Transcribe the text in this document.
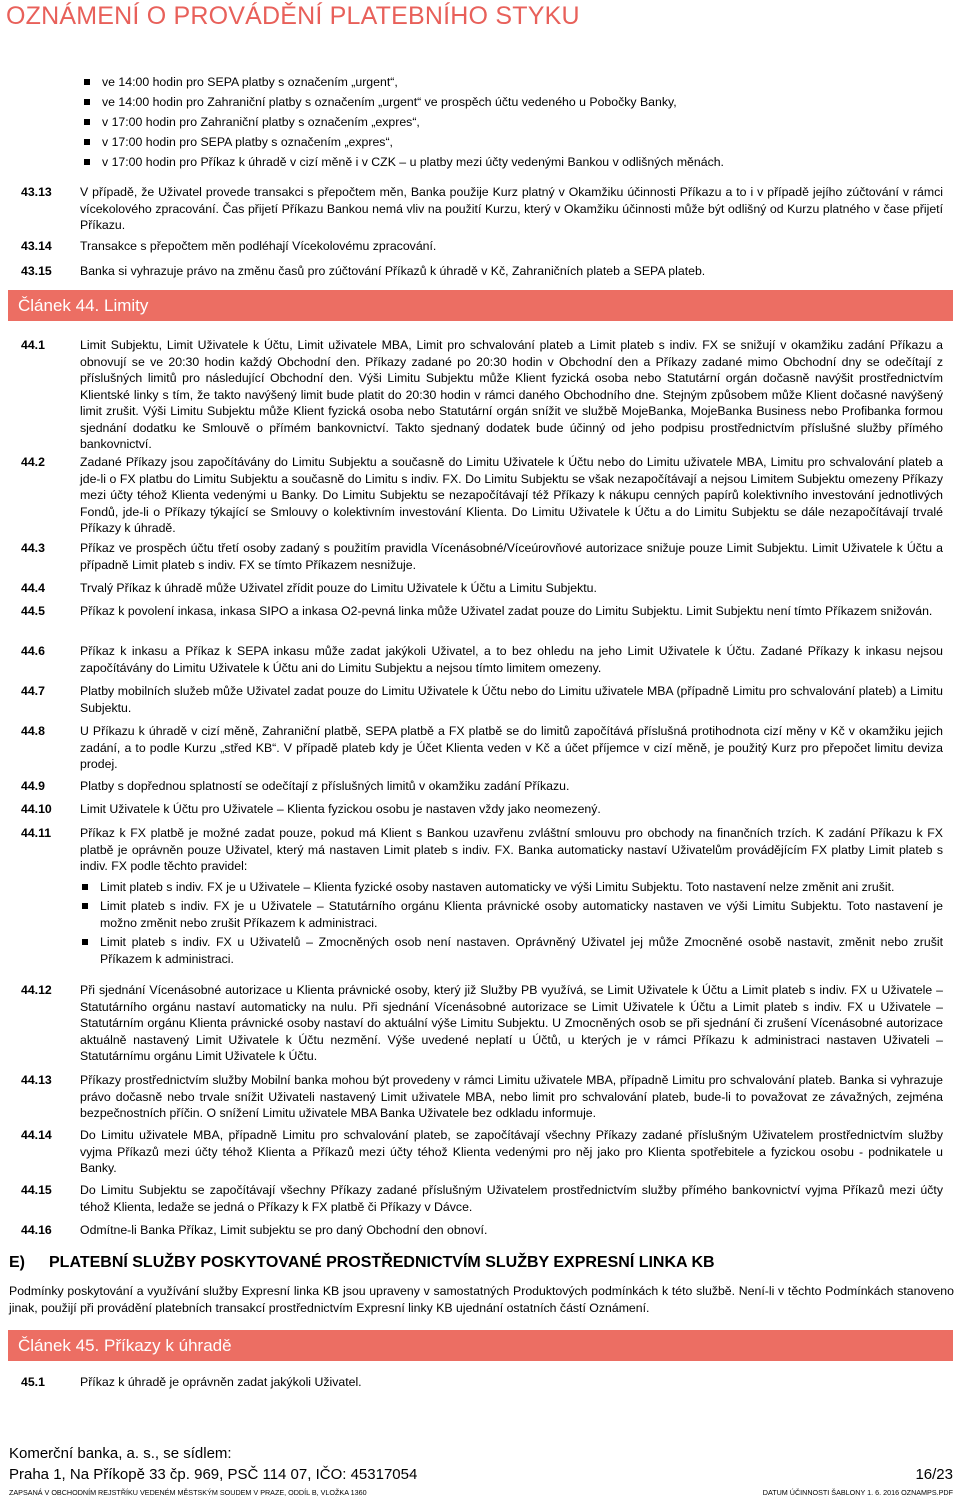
OZNÁMENÍ O PROVÁDĚNÍ PLATEBNÍHO STYKU
ve 14:00 hodin pro SEPA platby s označením „urgent“,
ve 14:00 hodin pro Zahraniční platby s označením „urgent“ ve prospěch účtu vedeného u Pobočky Banky,
v 17:00 hodin pro Zahraniční platby s označením „expres“,
v 17:00 hodin pro SEPA platby s označením „expres“,
v 17:00 hodin pro Příkaz k úhradě v cizí měně i v CZK – u platby mezi účty vedenými Bankou v odlišných měnách.
43.13 V případě, že Uživatel provede transakci s přepočtem měn, Banka použije Kurz platný v Okamžiku účinnosti Příkazu a to i v případě jejího zúčtování v rámci vícekolového zpracování. Čas přijetí Příkazu Bankou nemá vliv na použití Kurzu, který v Okamžiku účinnosti může být odlišný od Kurzu platného v čase přijetí Příkazu.
43.14 Transakce s přepočtem měn podléhají Vícekolovému zpracování.
43.15 Banka si vyhrazuje právo na změnu časů pro zúčtování Příkazů k úhradě v Kč, Zahraničních plateb a SEPA plateb.
Článek 44. Limity
44.1	Limit Subjektu, Limit Uživatele k Účtu, Limit uživatele MBA, Limit pro schvalování plateb a Limit plateb s indiv. FX se snižují v okamžiku zadání Příkazu a obnovují se ve 20:30 hodin každý Obchodní den. Příkazy zadané po 20:30 hodin v Obchodní den a Příkazy zadané mimo Obchodní dny se odečítají z příslušných limitů pro následující Obchodní den. Výši Limitu Subjektu může Klient fyzická osoba nebo Statutární orgán dočasně navýšit prostřednictvím Klientské linky s tím, že takto navýšený limit bude platit do 20:30 hodin v rámci daného Obchodního dne. Stejným způsobem může Klient dočasné navýšený limit zrušit. Výši Limitu Subjektu může Klient fyzická osoba nebo Statutární orgán snížit ve službě MojeBanka, MojeBanka Business nebo Profibanka formou sjednání dodatku ke Smlouvě o přímém bankovnictví. Takto sjednaný dodatek bude účinný od jeho podpisu prostřednictvím příslušné služby přímého bankovnictví.
44.2	Zadané Příkazy jsou započítávány do Limitu Subjektu a současně do Limitu Uživatele k Účtu nebo do Limitu uživatele MBA, Limitu pro schvalování plateb a jde-li o FX platbu do Limitu Subjektu a současně do Limitu s indiv. FX. Do Limitu Subjektu se však nezapočítávají a nejsou Limitem Subjektu omezeny Příkazy mezi účty téhož Klienta vedenými u Banky. Do Limitu Subjektu se nezapočítávají též Příkazy k nákupu cenných papírů kolektivního investování jednotlivých Fondů, jde-li o Příkazy týkající se Smlouvy o kolektivním investování Klienta. Do Limitu Uživatele k Účtu a do Limitu Subjektu se dále nezapočítávají trvalé Příkazy k úhradě.
44.3	Příkaz ve prospěch účtu třetí osoby zadaný s použitím pravidla Vícenásobné/Víceúrovňové autorizace snižuje pouze Limit Subjektu. Limit Uživatele k Účtu a případně Limit plateb s indiv. FX se tímto Příkazem nesnižuje.
44.4	Trvalý Příkaz k úhradě může Uživatel zřídit pouze do Limitu Uživatele k Účtu a Limitu Subjektu.
44.5	Příkaz k povolení inkasa, inkasa SIPO a inkasa O2-pevná linka může Uživatel zadat pouze do Limitu Subjektu. Limit Subjektu není tímto Příkazem snižován.
44.6	Příkaz k inkasu a Příkaz k SEPA inkasu může zadat jakýkoli Uživatel, a to bez ohledu na jeho Limit Uživatele k Účtu. Zadané Příkazy k inkasu nejsou započítávány do Limitu Uživatele k Účtu ani do Limitu Subjektu a nejsou tímto limitem omezeny.
44.7	Platby mobilních služeb může Uživatel zadat pouze do Limitu Uživatele k Účtu nebo do Limitu uživatele MBA (případně Limitu pro schvalování plateb) a Limitu Subjektu.
44.8	U Příkazu k úhradě v cizí měně, Zahraniční platbě, SEPA platbě a FX platbě se do limitů započítává příslušná protihodnota cizí měny v Kč v okamžiku jejich zadání, a to podle Kurzu „střed KB“. V případě plateb kdy je Účet Klienta veden v Kč a účet příjemce v cizí měně, je použitý Kurz pro přepočet limitu deviza prodej.
44.9	Platby s dopřednou splatností se odečítají z příslušných limitů v okamžiku zadání Příkazu.
44.10 Limit Uživatele k Účtu pro Uživatele – Klienta fyzickou osobu je nastaven vždy jako neomezený.
44.11 Příkaz k FX platbě je možné zadat pouze, pokud má Klient s Bankou uzavřenu zvláštní smlouvu pro obchody na finančních trzích. K zadání Příkazu k FX platbě je oprávněn pouze Uživatel, který má nastaven Limit plateb s indiv. FX. Banka automaticky nastaví Uživatelům provádějícím FX platby Limit plateb s indiv. FX podle těchto pravidel:
Limit plateb s indiv. FX je u Uživatele – Klienta fyzické osoby nastaven automaticky ve výši Limitu Subjektu. Toto nastavení nelze změnit ani zrušit.
Limit plateb s indiv. FX je u Uživatele – Statutárního orgánu Klienta právnické osoby automaticky nastaven ve výši Limitu Subjektu. Toto nastavení je možno změnit nebo zrušit Příkazem k administraci.
Limit plateb s indiv. FX u Uživatelů – Zmocněných osob není nastaven. Oprávněný Uživatel jej může Zmocněné osobě nastavit, změnit nebo zrušit Příkazem k administraci.
44.12 Při sjednání Vícenásobné autorizace u Klienta právnické osoby, který již Služby PB využívá, se Limit Uživatele k Účtu a Limit plateb s indiv. FX u Uživatele – Statutárního orgánu nastaví automaticky na nulu. Při sjednání Vícenásobné autorizace se Limit Uživatele k Účtu a Limit plateb s indiv. FX u Uživatele – Statutárním orgánu Klienta právnické osoby nastaví do aktuální výše Limitu Subjektu. U Zmocněných osob se při sjednání či zrušení Vícenásobné autorizace aktuálně nastavený Limit Uživatele k Účtu nezmění. Výše uvedené neplatí u Účtů, u kterých je v rámci Příkazu k administraci nastaven Uživateli – Statutárnímu orgánu Limit Uživatele k Účtu.
44.13 Příkazy prostřednictvím služby Mobilní banka mohou být provedeny v rámci Limitu uživatele MBA, případně Limitu pro schvalování plateb. Banka si vyhrazuje právo dočasně nebo trvale snížit Uživateli nastavený Limit uživatele MBA, nebo limit pro schvalování plateb, bude-li to považovat ze závažných, zejména bezpečnostních příčin. O snížení Limitu uživatele MBA Banka Uživatele bez odkladu informuje.
44.14 Do Limitu uživatele MBA, případně Limitu pro schvalování plateb, se započítávají všechny Příkazy zadané příslušným Uživatelem prostřednictvím služby vyjma Příkazů mezi účty téhož Klienta a Příkazů mezi účty téhož Klienta vedenými pro něj jako pro Klienta spotřebitele a fyzickou osobu - podnikatele u Banky.
44.15 Do Limitu Subjektu se započítávají všechny Příkazy zadané příslušným Uživatelem prostřednictvím služby přímého bankovnictví vyjma Příkazů mezi účty téhož Klienta, ledaže se jedná o Příkazy k FX platbě či Příkazy v Dávce.
44.16 Odmítne-li Banka Příkaz, Limit subjektu se pro daný Obchodní den obnoví.
E) PLATEBNÍ SLUŽBY POSKYTOVANÉ PROSTŘEDNICTVÍM SLUŽBY EXPRESNÍ LINKA KB
Podmínky poskytování a využívání služby Expresní linka KB jsou upraveny v samostatných Produktových podmínkách k této službě. Není-li v těchto Podmínkách stanoveno jinak, použijí při provádění platebních transakcí prostřednictvím Expresní linky KB ujednání ostatních částí Oznámení.
Článek 45. Příkazy k úhradě
45.1	Příkaz k úhradě je oprávněn zadat jakýkoli Uživatel.
Komerční banka, a. s., se sídlem:
Praha 1, Na Příkopě 33 čp. 969, PSČ 114 07, IČO: 45317054	16/23
ZAPSANÁ V OBCHODNÍM REJSTŘÍKU VEDENÉM MĚSTSKÝM SOUDEM V PRAZE, ODDÍL B, VLOŽKA 1360	DATUM ÚČINNOSTI ŠABLONY 1. 6. 2016 OZNAMPS.PDF
